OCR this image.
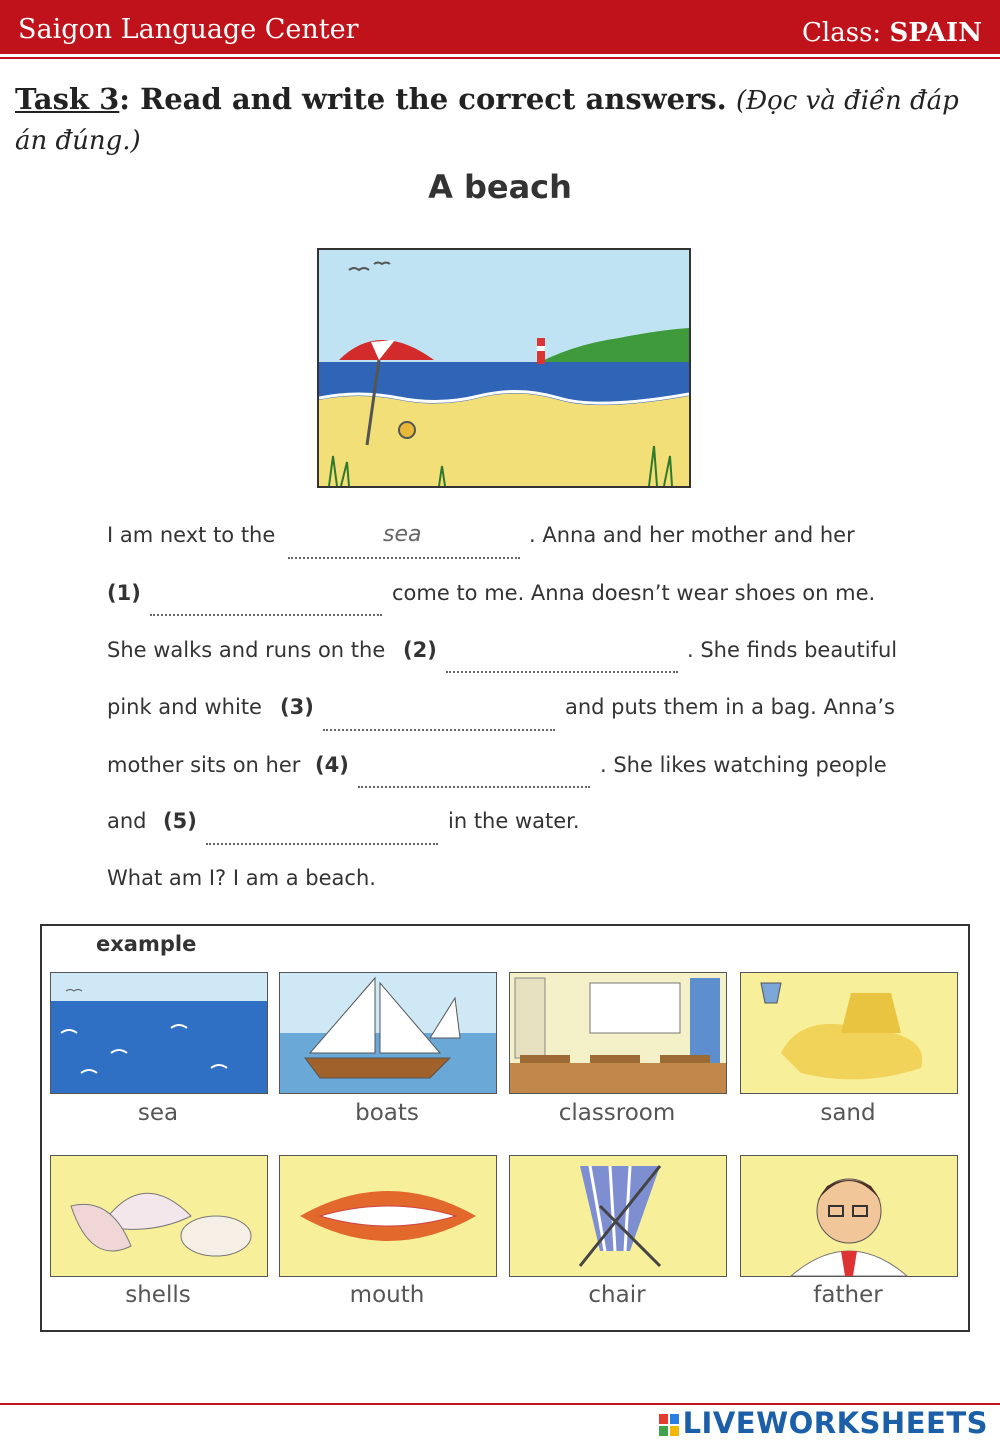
Saigon Language Center	Class: SPAIN
Task 3: Read and write the correct answers. (Đọc và điền đáp án đúng.)
A beach
I am next to the	sea	. Anna and her mother and her
(1)	come to me. Anna doesn’t wear shoes on me.
She walks and runs on the (2)	. She finds beautiful
pink and white (3)	and puts them in a bag. Anna’s
mother sits on her (4)	. She likes watching people
and (5)	in the water.
What am I? I am a beach.
example
sea	boats	classroom	sand
shells	mouth	chair	father
LIVEWORKSHEETS
